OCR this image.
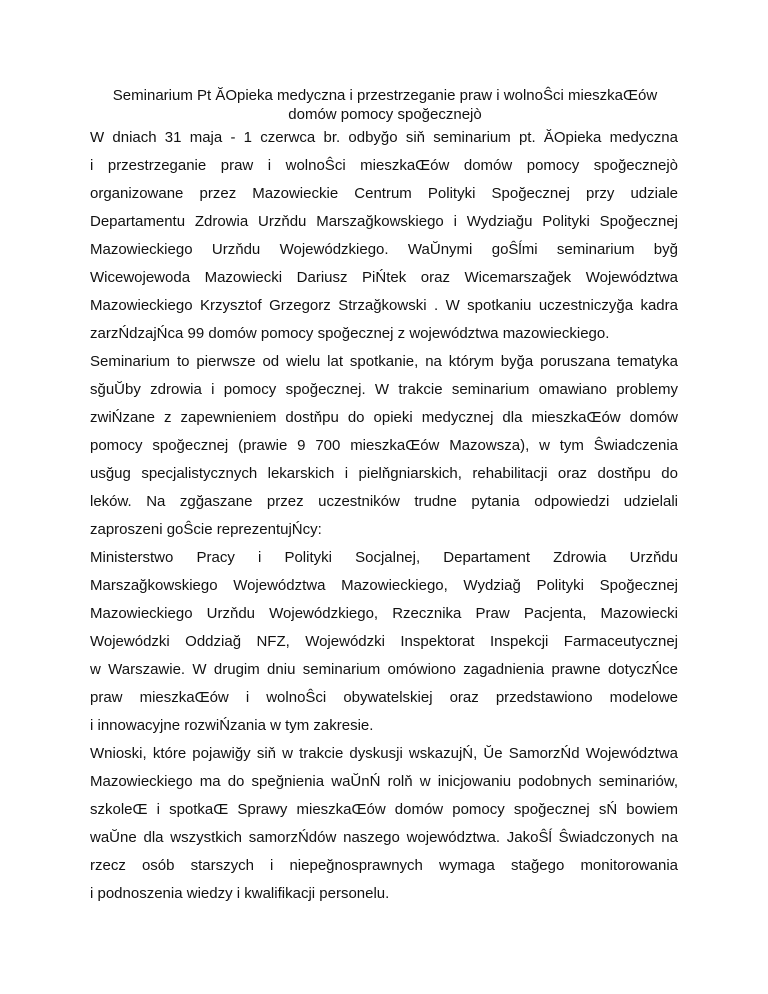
Seminarium Pt ĂOpieka medyczna i przestrzeganie praw i wolnoŜci mieszkaŒów
domów pomocy spoğecznejò
W dniach 31 maja - 1 czerwca br. odbyğo siň seminarium pt. ĂOpieka medyczna
i przestrzeganie praw i wolnoŜci mieszkaŒów domów pomocy spoğecznejò
organizowane przez Mazowieckie Centrum Polityki Spoğecznej przy udziale
Departamentu Zdrowia Urzňdu Marszağkowskiego i Wydziağu Polityki Spoğecznej
Mazowieckiego Urzňdu Wojewódzkiego. WaŬnymi goŜĺmi seminarium byğ
Wicewojewoda Mazowiecki Dariusz PiŃtek oraz Wicemarszağek Województwa
Mazowieckiego Krzysztof Grzegorz Strzağkowski . W spotkaniu uczestniczyğa kadra
zarzŃdzajŃca 99 domów pomocy spoğecznej z województwa mazowieckiego.
Seminarium to pierwsze od wielu lat spotkanie, na którym byğa poruszana tematyka
sğuŬby zdrowia i pomocy spoğecznej. W trakcie seminarium omawiano problemy
zwiŃzane z zapewnieniem dostňpu do opieki medycznej dla mieszkaŒów domów
pomocy spoğecznej (prawie 9 700 mieszkaŒów Mazowsza), w tym Ŝwiadczenia
usğug specjalistycznych lekarskich i pielňgniarskich, rehabilitacji oraz dostňpu do
leków. Na zgğaszane przez uczestników trudne pytania odpowiedzi udzielali
zaproszeni goŜcie reprezentujŃcy:
Ministerstwo Pracy i Polityki Socjalnej, Departament Zdrowia Urzňdu
Marszağkowskiego Województwa Mazowieckiego, Wydziağ Polityki Spoğecznej
Mazowieckiego Urzňdu Wojewódzkiego, Rzecznika Praw Pacjenta, Mazowiecki
Wojewódzki Oddziağ NFZ, Wojewódzki Inspektorat Inspekcji Farmaceutycznej
w Warszawie. W drugim dniu seminarium omówiono zagadnienia prawne dotyczŃce
praw mieszkaŒów i wolnoŜci obywatelskiej oraz przedstawiono modelowe
i innowacyjne rozwiŃzania w tym zakresie.
Wnioski, które pojawiğy siň w trakcie dyskusji wskazujŃ, Ŭe SamorzŃd Województwa
Mazowieckiego ma do speğnienia waŬnŃ rolň w inicjowaniu podobnych seminariów,
szkoleŒ i spotkaŒ Sprawy mieszkaŒów domów pomocy spoğecznej sŃ bowiem
waŬne dla wszystkich samorzŃdów naszego województwa. JakoŜĺ Ŝwiadczonych na
rzecz osób starszych i niepeğnosprawnych wymaga stağego monitorowania
i podnoszenia wiedzy i kwalifikacji personelu.
